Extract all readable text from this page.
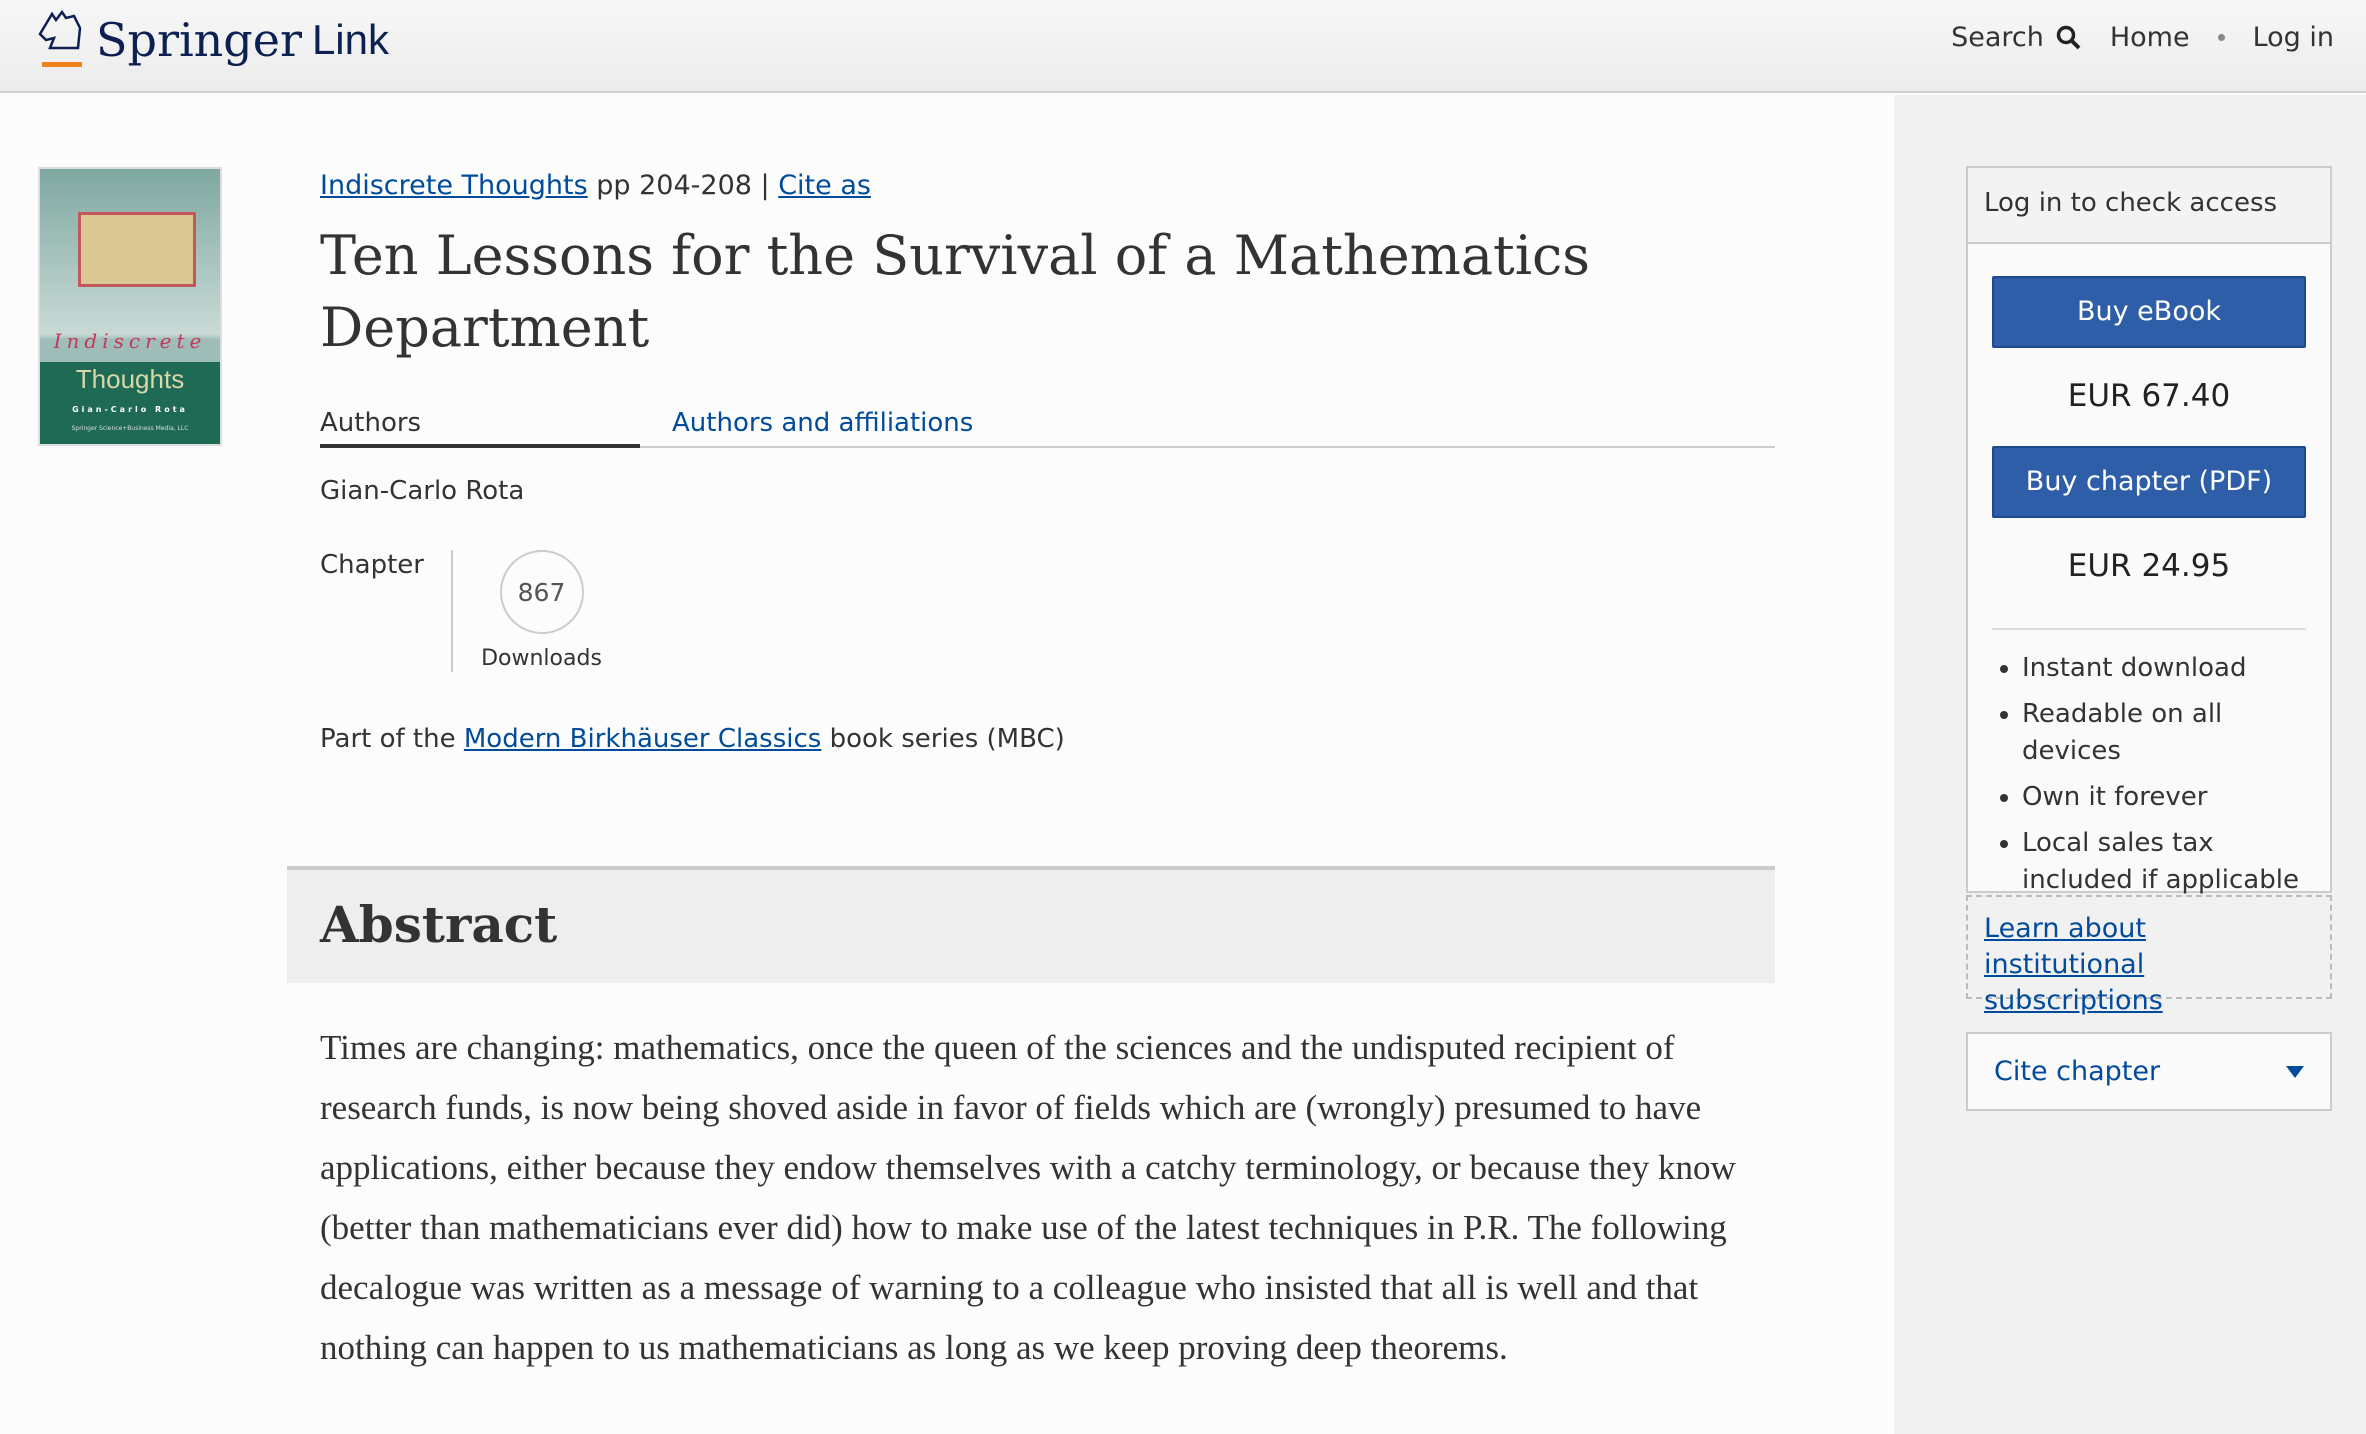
Springer Link	Search Home Log in
Indiscrete
Thoughts
Gian-Carlo Rota
Springer Science+Business Media, LLC
Indiscrete Thoughts pp 204-208 | Cite as
Ten Lessons for the Survival of a Mathematics Department
Authors	Authors and affiliations
Gian-Carlo Rota
Chapter
867
Downloads
Part of the Modern Birkhäuser Classics book series (MBC)
Abstract

Times are changing: mathematics, once the queen of the sciences and the undisputed recipient of research funds, is now being shoved aside in favor of fields which are (wrongly) presumed to have applications, either because they endow themselves with a catchy terminology, or because they know (better than mathematicians ever did) how to make use of the latest techniques in P.R. The following decalogue was written as a message of warning to a colleague who insisted that all is well and that nothing can happen to us mathematicians as long as we keep proving deep theorems.

Log in to check access
Buy eBook
EUR 67.40
Buy chapter (PDF)
EUR 24.95
• Instant download
• Readable on all devices
• Own it forever
• Local sales tax included if applicable
Learn about institutional subscriptions
Cite chapter
